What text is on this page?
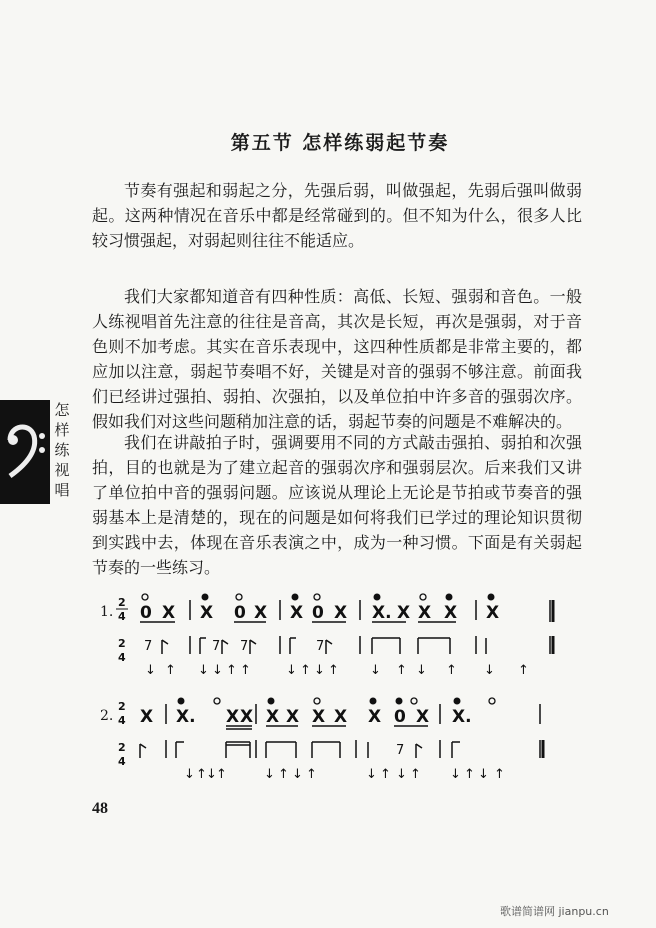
第五节 怎样练弱起节奏

节奏有强起和弱起之分，先强后弱，叫做强起，先弱后强叫做弱起。这两种情况在音乐中都是经常碰到的。但不知为什么，很多人比较习惯强起，对弱起则往往不能适应。

我们大家都知道音有四种性质：高低、长短、强弱和音色。一般人练视唱首先注意的往往是音高，其次是长短，再次是强弱，对于音色则不加考虑。其实在音乐表现中，这四种性质都是非常主要的，都应加以注意，弱起节奏唱不好，关键是对音的强弱不够注意。前面我们已经讲过强拍、弱拍、次强拍，以及单位拍中许多音的强弱次序。假如我们对这些问题稍加注意的话，弱起节奏的问题是不难解决的。

我们在讲敲拍子时，强调要用不同的方式敲击强拍、弱拍和次强拍，目的也就是为了建立起音的强弱次序和强弱层次。后来我们又讲了单位拍中音的强弱问题。应该说从理论上无论是节拍或节奏音的强弱基本上是清楚的，现在的问题是如何将我们已学过的理论知识贯彻到实践中去，体现在音乐表演之中，成为一种习惯。下面是有关弱起节奏的一些练习。

怎
样
练
视
唱
1.
2
4
2
4
0 X X 0 X X 0 X X. X X X X
7	7 7	7
↓ ↑ ↓ ↓ ↑ ↑	↓ ↑ ↓ ↑ ↓ ↑ ↓ ↑ ↓ ↑
2.
2
4
2
4
X X. X X X X X X X 0 X X.
7
↓ ↑ ↓ ↑	↓ ↑ ↓ ↑	↓ ↑ ↓ ↑ ↓ ↑ ↓ ↑
48
歌谱简谱网 jianpu.cn
